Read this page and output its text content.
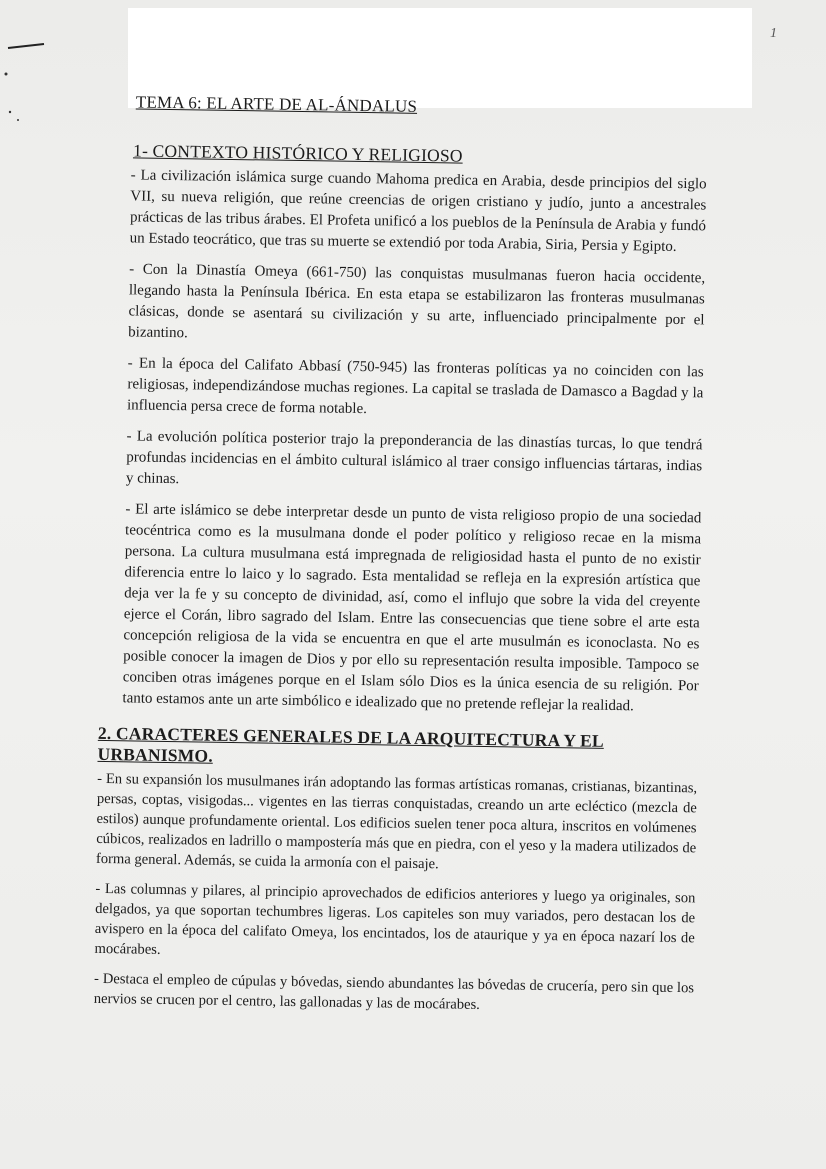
1
TEMA 6: EL ARTE DE AL-ÁNDALUS
1- CONTEXTO HISTÓRICO Y RELIGIOSO

- La civilización islámica surge cuando Mahoma predica en Arabia, desde principios del siglo VII, su nueva religión, que reúne creencias de origen cristiano y judío, junto a ancestrales prácticas de las tribus árabes. El Profeta unificó a los pueblos de la Península de Arabia y fundó un Estado teocrático, que tras su muerte se extendió por toda Arabia, Siria, Persia y Egipto.

- Con la Dinastía Omeya (661-750) las conquistas musulmanas fueron hacia occidente, llegando hasta la Península Ibérica. En esta etapa se estabilizaron las fronteras musulmanas clásicas, donde se asentará su civilización y su arte, influenciado principalmente por el bizantino.

- En la época del Califato Abbasí (750-945) las fronteras políticas ya no coinciden con las religiosas, independizándose muchas regiones. La capital se traslada de Damasco a Bagdad y la influencia persa crece de forma notable.

- La evolución política posterior trajo la preponderancia de las dinastías turcas, lo que tendrá profundas incidencias en el ámbito cultural islámico al traer consigo influencias tártaras, indias y chinas.

- El arte islámico se debe interpretar desde un punto de vista religioso propio de una sociedad teocéntrica como es la musulmana donde el poder político y religioso recae en la misma persona. La cultura musulmana está impregnada de religiosidad hasta el punto de no existir diferencia entre lo laico y lo sagrado. Esta mentalidad se refleja en la expresión artística que deja ver la fe y su concepto de divinidad, así, como el influjo que sobre la vida del creyente ejerce el Corán, libro sagrado del Islam. Entre las consecuencias que tiene sobre el arte esta concepción religiosa de la vida se encuentra en que el arte musulmán es iconoclasta. No es posible conocer la imagen de Dios y por ello su representación resulta imposible. Tampoco se conciben otras imágenes porque en el Islam sólo Dios es la única esencia de su religión. Por tanto estamos ante un arte simbólico e idealizado que no pretende reflejar la realidad.

2. CARACTERES GENERALES DE LA ARQUITECTURA Y EL URBANISMO.

- En su expansión los musulmanes irán adoptando las formas artísticas romanas, cristianas, bizantinas, persas, coptas, visigodas... vigentes en las tierras conquistadas, creando un arte ecléctico (mezcla de estilos) aunque profundamente oriental. Los edificios suelen tener poca altura, inscritos en volúmenes cúbicos, realizados en ladrillo o mampostería más que en piedra, con el yeso y la madera utilizados de forma general. Además, se cuida la armonía con el paisaje.

- Las columnas y pilares, al principio aprovechados de edificios anteriores y luego ya originales, son delgados, ya que soportan techumbres ligeras. Los capiteles son muy variados, pero destacan los de avispero en la época del califato Omeya, los encintados, los de ataurique y ya en época nazarí los de mocárabes.

- Destaca el empleo de cúpulas y bóvedas, siendo abundantes las bóvedas de crucería, pero sin que los nervios se crucen por el centro, las gallonadas y las de mocárabes.
